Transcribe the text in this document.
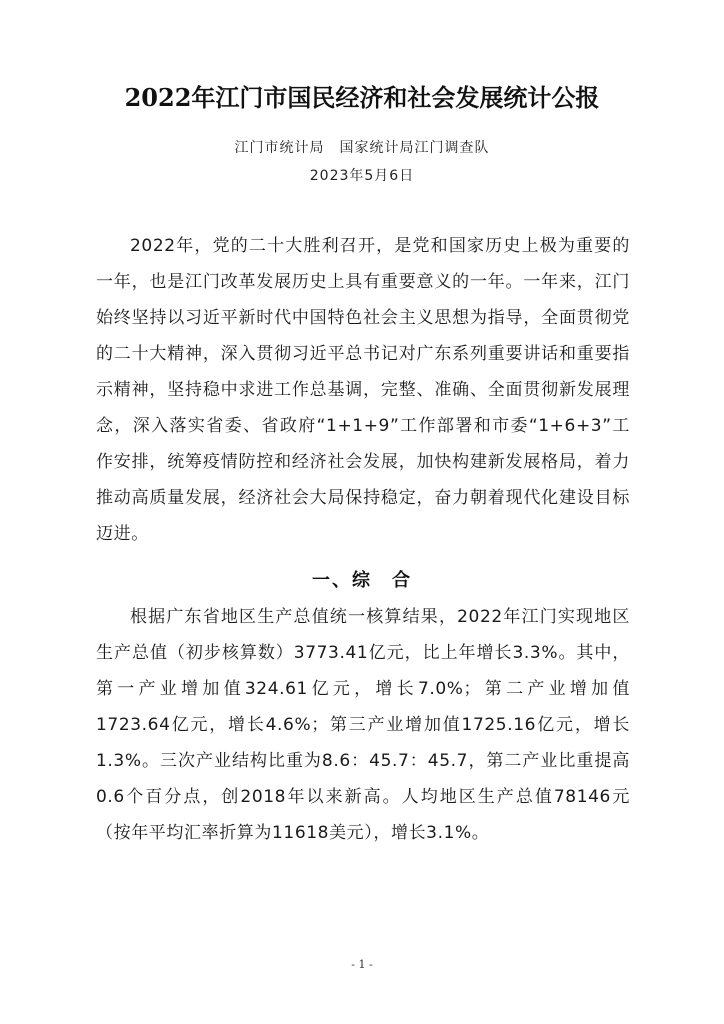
2022年江门市国民经济和社会发展统计公报
江门市统计局　国家统计局江门调查队
2023年5月6日

2022年，党的二十大胜利召开，是党和国家历史上极为重要的一年，也是江门改革发展历史上具有重要意义的一年。一年来，江门始终坚持以习近平新时代中国特色社会主义思想为指导，全面贯彻党的二十大精神，深入贯彻习近平总书记对广东系列重要讲话和重要指示精神，坚持稳中求进工作总基调，完整、准确、全面贯彻新发展理念，深入落实省委、省政府“1+1+9”工作部署和市委“1+6+3”工作安排，统筹疫情防控和经济社会发展，加快构建新发展格局，着力推动高质量发展，经济社会大局保持稳定，奋力朝着现代化建设目标迈进。

一、综　合

根据广东省地区生产总值统一核算结果，2022年江门实现地区生产总值（初步核算数）3773.41亿元，比上年增长3.3%。其中，第一产业增加值324.61亿元，增长7.0%；第二产业增加值1723.64亿元，增长4.6%；第三产业增加值1725.16亿元，增长1.3%。三次产业结构比重为8.6：45.7：45.7，第二产业比重提高0.6个百分点，创2018年以来新高。人均地区生产总值78146元（按年平均汇率折算为11618美元），增长3.1%。

- 1 -
